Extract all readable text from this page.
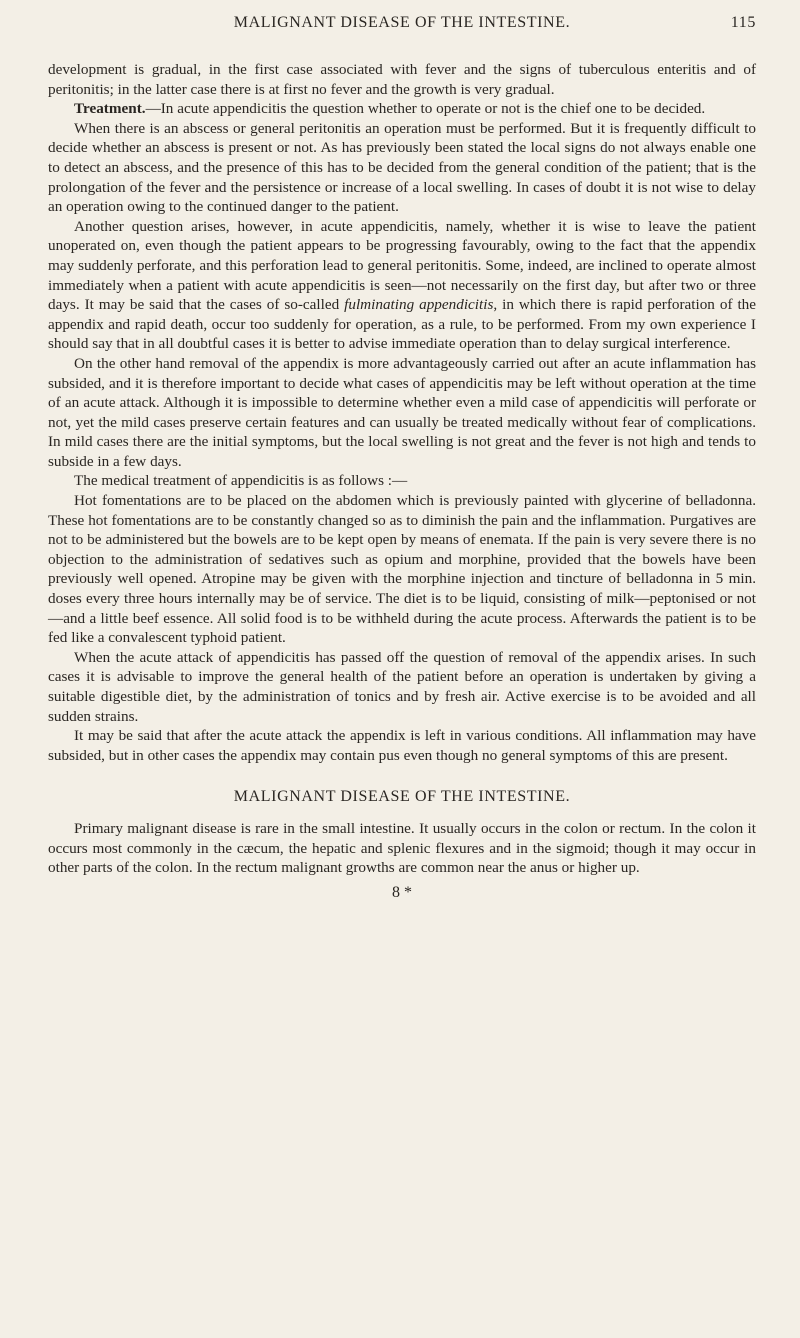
MALIGNANT DISEASE OF THE INTESTINE.	115

development is gradual, in the first case associated with fever and the signs of tuberculous enteritis and of peritonitis; in the latter case there is at first no fever and the growth is very gradual.

Treatment.—In acute appendicitis the question whether to operate or not is the chief one to be decided.

When there is an abscess or general peritonitis an operation must be performed. But it is frequently difficult to decide whether an abscess is present or not. As has previously been stated the local signs do not always enable one to detect an abscess, and the presence of this has to be decided from the general condition of the patient; that is the prolongation of the fever and the persistence or increase of a local swelling. In cases of doubt it is not wise to delay an operation owing to the continued danger to the patient.

Another question arises, however, in acute appendicitis, namely, whether it is wise to leave the patient unoperated on, even though the patient appears to be progressing favourably, owing to the fact that the appendix may suddenly perforate, and this perforation lead to general peritonitis. Some, indeed, are inclined to operate almost immediately when a patient with acute appendicitis is seen—not necessarily on the first day, but after two or three days. It may be said that the cases of so-called fulminating appendicitis, in which there is rapid perforation of the appendix and rapid death, occur too suddenly for operation, as a rule, to be performed. From my own experience I should say that in all doubtful cases it is better to advise immediate operation than to delay surgical interference.

On the other hand removal of the appendix is more advantageously carried out after an acute inflammation has subsided, and it is therefore important to decide what cases of appendicitis may be left without operation at the time of an acute attack. Although it is impossible to determine whether even a mild case of appendicitis will perforate or not, yet the mild cases preserve certain features and can usually be treated medically without fear of complications. In mild cases there are the initial symptoms, but the local swelling is not great and the fever is not high and tends to subside in a few days.

The medical treatment of appendicitis is as follows :—

Hot fomentations are to be placed on the abdomen which is previously painted with glycerine of belladonna. These hot fomentations are to be constantly changed so as to diminish the pain and the inflammation. Purgatives are not to be administered but the bowels are to be kept open by means of enemata. If the pain is very severe there is no objection to the administration of sedatives such as opium and morphine, provided that the bowels have been previously well opened. Atropine may be given with the morphine injection and tincture of belladonna in 5 min. doses every three hours internally may be of service. The diet is to be liquid, consisting of milk—peptonised or not—and a little beef essence. All solid food is to be withheld during the acute process. Afterwards the patient is to be fed like a convalescent typhoid patient.

When the acute attack of appendicitis has passed off the question of removal of the appendix arises. In such cases it is advisable to improve the general health of the patient before an operation is undertaken by giving a suitable digestible diet, by the administration of tonics and by fresh air. Active exercise is to be avoided and all sudden strains.

It may be said that after the acute attack the appendix is left in various conditions. All inflammation may have subsided, but in other cases the appendix may contain pus even though no general symptoms of this are present.

MALIGNANT DISEASE OF THE INTESTINE.

Primary malignant disease is rare in the small intestine. It usually occurs in the colon or rectum. In the colon it occurs most commonly in the cæcum, the hepatic and splenic flexures and in the sigmoid; though it may occur in other parts of the colon. In the rectum malignant growths are common near the anus or higher up.

8 *
